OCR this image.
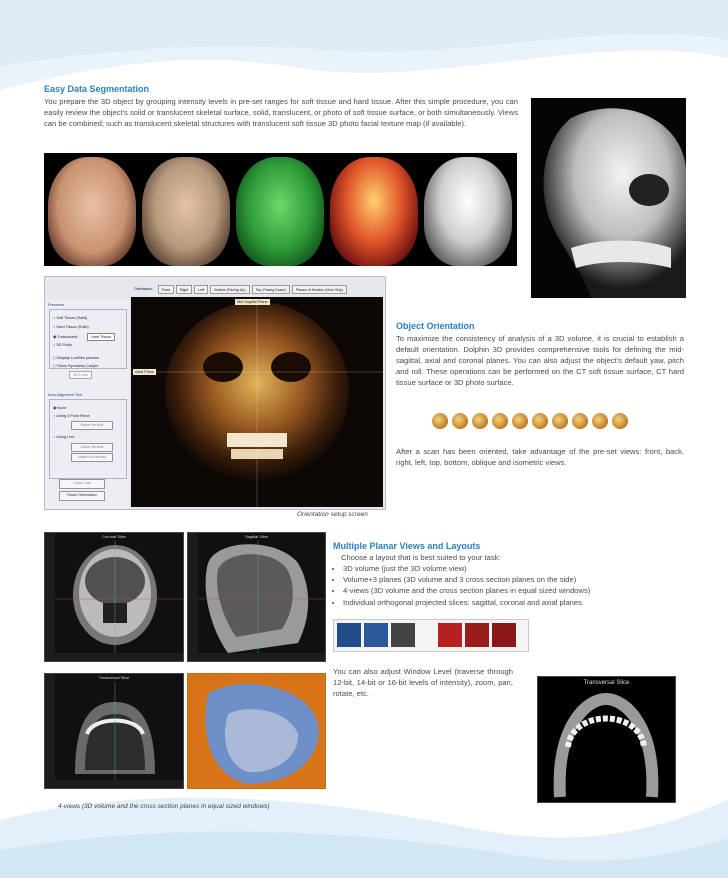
Easy Data Segmentation

You prepare the 3D object by grouping intensity levels in pre-set ranges for soft tissue and hard tissue. After this simple procedure, you can easily review the object's solid or translucent skeletal surface, solid, translucent, or photo of soft tissue surface, or both simultaneously. Views can be combined; such as translucent skeletal structures with translucent soft tissue 3D photo facial texture map (if available).

Orientation:	Front	Right	Left	Bottom (Facing Up)	Top (Facing Down)	Planes of Section (View Only)
Presence
○ Soft Tissue (Solid)
○ Hard Tissue (Solid)
◉ Translucent:	Hard Tissue
○ 3D Photo
☐ Display LowRes preview
☐ Show Symmetry Caliper
16.0 mm
Auto-Alignment Tool
◉ None
○ Using 3 Point Plane
Make Vertical
○ Using Line
Make Vertical
Make Horizontal
Undo Last
Reset Orientation
Mid Sagittal Plane
Axial Plane
Orientation setup screen
Object Orientation

To maximize the consistency of analysis of a 3D volume, it is crucial to establish a default orientation. Dolphin 3D provides comprehensive tools for defining the mid-sagittal, axial and coronal planes. You can also adjust the object's default yaw, pitch and roll. These operations can be performed on the CT soft tissue surface, CT hard tissue surface or 3D photo surface.

After a scan has been oriented, take advantage of the pre-set views: front, back, right, left, top, bottom, oblique and isometric views.

Coronal Slice	Sagittal Slice
Transversal Slice
4-views (3D volume and the cross section planes in equal sized windows)
Multiple Planar Views and Layouts

Choose a layout that is best suited to your task:

• 3D volume (just the 3D volume view)
• Volume+3 planes (3D volume and 3 cross section planes on the side)
• 4-views (3D volume and the cross section planes in equal sized windows)
• Individual orthogonal projected slices: sagittal, coronal and axial planes

You can also adjust Window Level (traverse through 12-bit, 14-bit or 16-bit levels of intensity), zoom, pan, rotate, etc.

Transversal Slice
